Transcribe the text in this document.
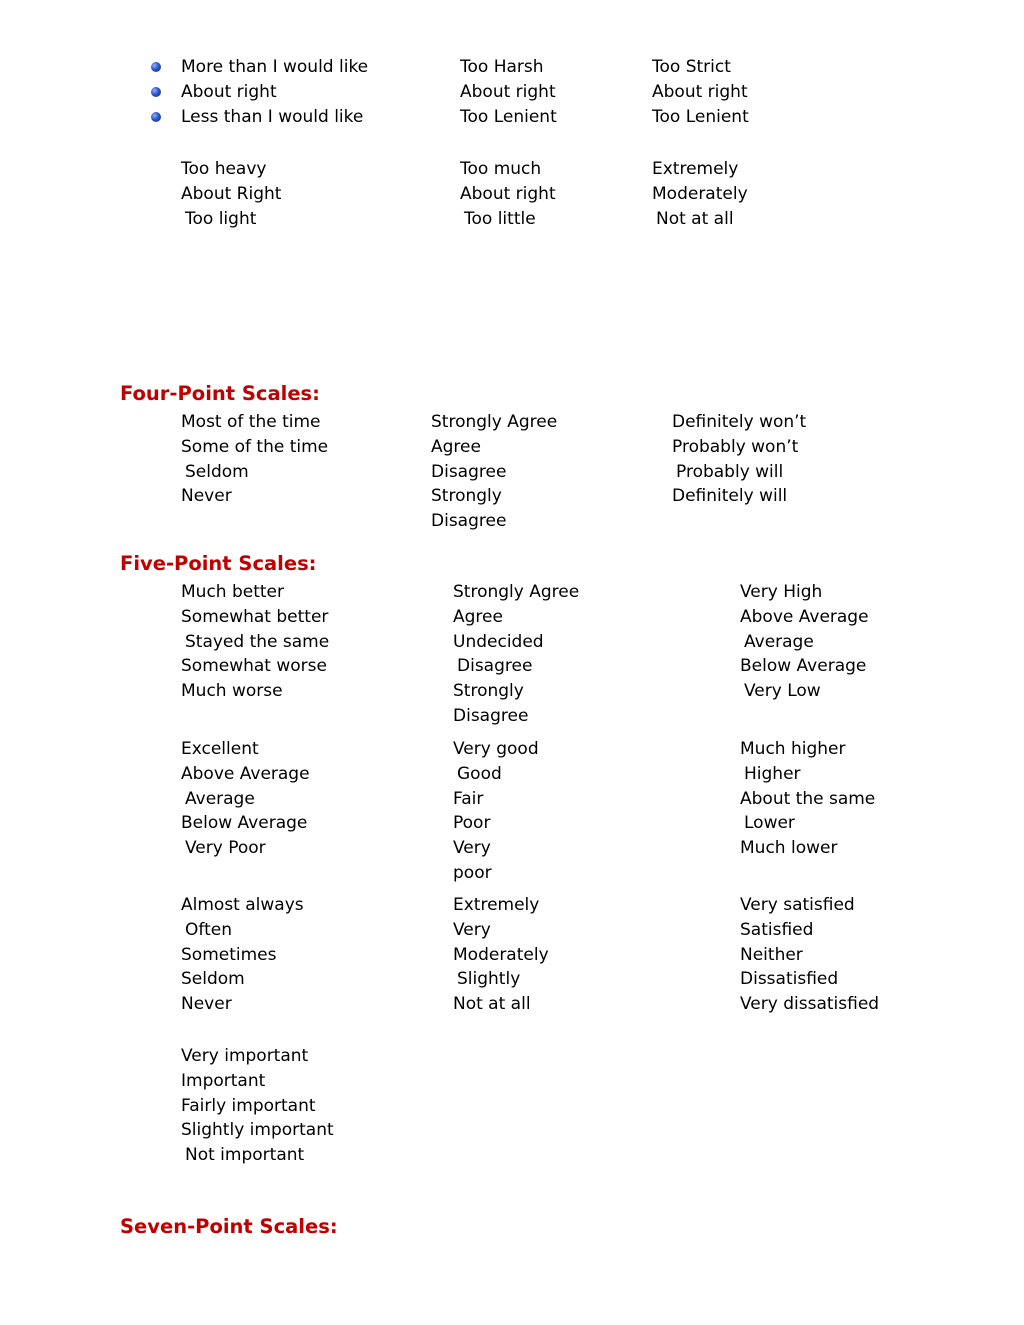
More than I would like
About right
Less than I would like
Too Harsh
About right
Too Lenient
Too Strict
About right
Too Lenient
Too heavy
About Right
Too light
Too much
About right
Too little
Extremely
Moderately
Not at all
Four-Point Scales:
Most of the time
Some of the time
Seldom
Never
Strongly Agree
Agree
Disagree
Strongly
Disagree
Definitely won’t
Probably won’t
Probably will
Definitely will
Five-Point Scales:
Much better
Somewhat better
Stayed the same
Somewhat worse
Much worse
Strongly Agree
Agree
Undecided
Disagree
Strongly
Disagree
Very High
Above Average
Average
Below Average
Very Low
Excellent
Above Average
Average
Below Average
Very Poor
Very good
Good
Fair
Poor
Very
poor
Much higher
Higher
About the same
Lower
Much lower
Almost always
Often
Sometimes
Seldom
Never
Extremely
Very
Moderately
Slightly
Not at all
Very satisfied
Satisfied
Neither
Dissatisfied
Very dissatisfied
Very important
Important
Fairly important
Slightly important
Not important
Seven-Point Scales:
